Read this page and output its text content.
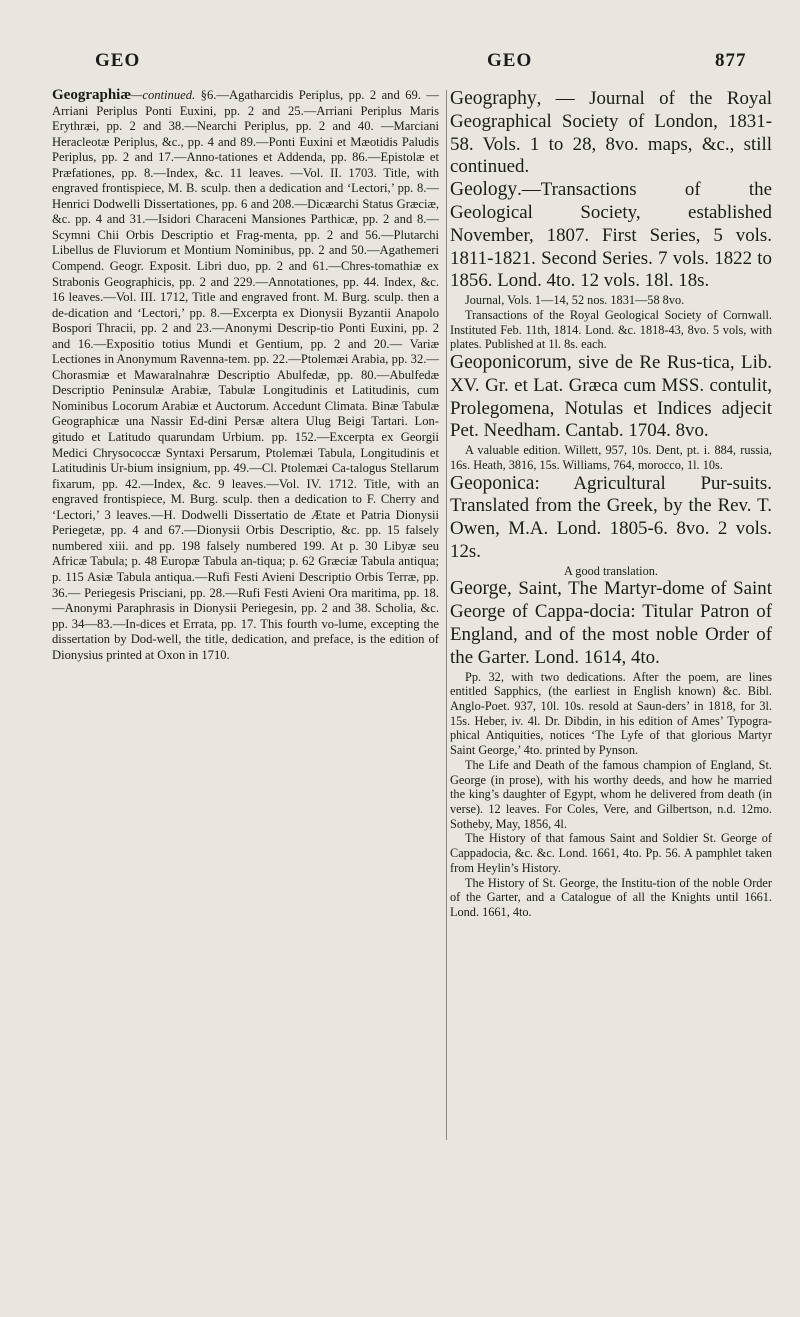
GEO	GEO	877

Geographiæ—continued. §6.—Agatharcidis Periplus, pp. 2 and 69. —Arriani Periplus Ponti Euxini, pp. 2 and 25.—Arriani Periplus Maris Erythræi, pp. 2 and 38.—Nearchi Periplus, pp. 2 and 40. —Marciani Heracleotæ Periplus, &c., pp. 4 and 89.—Ponti Euxini et Mæotidis Paludis Periplus, pp. 2 and 17.—Anno-tationes et Addenda, pp. 86.—Epistolæ et Præfationes, pp. 8.—Index, &c. 11 leaves. —Vol. II. 1703. Title, with engraved frontispiece, M. B. sculp. then a dedication and ‘Lectori,’ pp. 8.—Henrici Dodwelli Dissertationes, pp. 6 and 208.—Dicæarchi Status Græciæ, &c. pp. 4 and 31.—Isidori Characeni Mansiones Parthicæ, pp. 2 and 8.—Scymni Chii Orbis Descriptio et Frag-menta, pp. 2 and 56.—Plutarchi Libellus de Fluviorum et Montium Nominibus, pp. 2 and 50.—Agathemeri Compend. Geogr. Exposit. Libri duo, pp. 2 and 61.—Chres-tomathiæ ex Strabonis Geographicis, pp. 2 and 229.—Annotationes, pp. 44. Index, &c. 16 leaves.—Vol. III. 1712, Title and engraved front. M. Burg. sculp. then a de-dication and ‘Lectori,’ pp. 8.—Excerpta ex Dionysii Byzantii Anapolo Bospori Thracii, pp. 2 and 23.—Anonymi Descrip-tio Ponti Euxini, pp. 2 and 16.—Expositio totius Mundi et Gentium, pp. 2 and 20.— Variæ Lectiones in Anonymum Ravenna-tem. pp. 22.—Ptolemæi Arabia, pp. 32.— Chorasmiæ et Mawaralnahræ Descriptio Abulfedæ, pp. 80.—Abulfedæ Descriptio Peninsulæ Arabiæ, Tabulæ Longitudinis et Latitudinis, cum Nominibus Locorum Arabiæ et Auctorum. Accedunt Climata. Binæ Tabulæ Geographicæ una Nassir Ed-dini Persæ altera Ulug Beigi Tartari. Lon-gitudo et Latitudo quarundam Urbium. pp. 152.—Excerpta ex Georgii Medici Chrysococcæ Syntaxi Persarum, Ptolemæi Tabula, Longitudinis et Latitudinis Ur-bium insignium, pp. 49.—Cl. Ptolemæi Ca-talogus Stellarum fixarum, pp. 42.—Index, &c. 9 leaves.—Vol. IV. 1712. Title, with an engraved frontispiece, M. Burg. sculp. then a dedication to F. Cherry and ‘Lectori,’ 3 leaves.—H. Dodwelli Dissertatio de Ætate et Patria Dionysii Periegetæ, pp. 4 and 67.—Dionysii Orbis Descriptio, &c. pp. 15 falsely numbered xiii. and pp. 198 falsely numbered 199. At p. 30 Libyæ seu Africæ Tabula; p. 48 Europæ Tabula an-tiqua; p. 62 Græciæ Tabula antiqua; p. 115 Asiæ Tabula antiqua.—Rufi Festi Avieni Descriptio Orbis Terræ, pp. 36.— Periegesis Prisciani, pp. 28.—Rufi Festi Avieni Ora maritima, pp. 18.—Anonymi Paraphrasis in Dionysii Periegesin, pp. 2 and 38. Scholia, &c. pp. 34—83.—In-dices et Errata, pp. 17. This fourth vo-lume, excepting the dissertation by Dod-well, the title, dedication, and preface, is the edition of Dionysius printed at Oxon in 1710.

Geography, — Journal of the Royal Geographical Society of London, 1831-58. Vols. 1 to 28, 8vo. maps, &c., still continued.

Geology.—Transactions of the Geological Society, established November, 1807. First Series, 5 vols. 1811-1821. Second Series. 7 vols. 1822 to 1856. Lond. 4to. 12 vols. 18l. 18s.

Journal, Vols. 1—14, 52 nos. 1831—58 8vo.

Transactions of the Royal Geological Society of Cornwall. Instituted Feb. 11th, 1814. Lond. &c. 1818-43, 8vo. 5 vols, with plates. Published at 1l. 8s. each.

Geoponicorum, sive de Re Rus-tica, Lib. XV. Gr. et Lat. Græca cum MSS. contulit, Prolegomena, Notulas et Indices adjecit Pet. Needham. Cantab. 1704. 8vo.

A valuable edition. Willett, 957, 10s. Dent, pt. i. 884, russia, 16s. Heath, 3816, 15s. Williams, 764, morocco, 1l. 10s.

Geoponica: Agricultural Pur-suits. Translated from the Greek, by the Rev. T. Owen, M.A. Lond. 1805-6. 8vo. 2 vols. 12s.

A good translation.

George, Saint, The Martyr-dome of Saint George of Cappa-docia: Titular Patron of England, and of the most noble Order of the Garter. Lond. 1614, 4to.

Pp. 32, with two dedications. After the poem, are lines entitled Sapphics, (the earliest in English known) &c. Bibl. Anglo-Poet. 937, 10l. 10s. resold at Saun-ders’ in 1818, for 3l. 15s. Heber, iv. 4l. Dr. Dibdin, in his edition of Ames’ Typogra-phical Antiquities, notices ‘The Lyfe of that glorious Martyr Saint George,’ 4to. printed by Pynson.

The Life and Death of the famous champion of England, St. George (in prose), with his worthy deeds, and how he married the king’s daughter of Egypt, whom he delivered from death (in verse). 12 leaves. For Coles, Vere, and Gilbertson, n.d. 12mo. Sotheby, May, 1856, 4l.

The History of that famous Saint and Soldier St. George of Cappadocia, &c. &c. Lond. 1661, 4to. Pp. 56. A pamphlet taken from Heylin’s History.

The History of St. George, the Institu-tion of the noble Order of the Garter, and a Catalogue of all the Knights until 1661. Lond. 1661, 4to.
